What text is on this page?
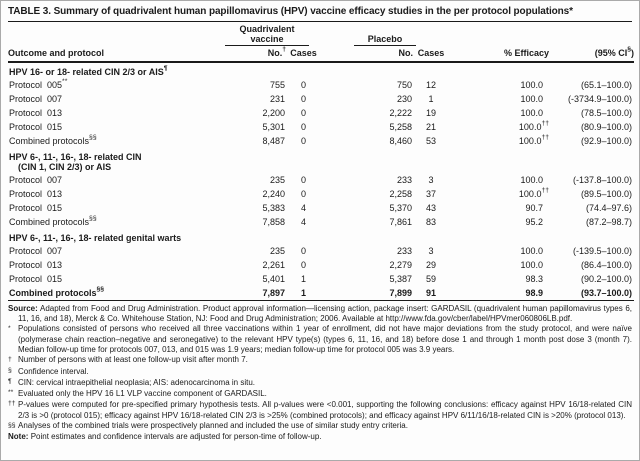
TABLE 3. Summary of quadrivalent human papillomavirus (HPV) vaccine efficacy studies in the per protocol populations*
	Quadrivalent					
	vaccine		Placebo			
Outcome and protocol	No.†	Cases	No.	Cases	% Efficacy	(95% CI§)

HPV 16- or 18- related CIN 2/3 or AIS¶

Protocol  005**	755	0	750	12	100.0	(65.1–100.0)
Protocol  007	231	0	230	1	100.0	(-3734.9–100.0)
Protocol  013	2,200	0	2,222	19	100.0	(78.5–100.0)
Protocol  015	5,301	0	5,258	21	100.0††	(80.9–100.0)
Combined protocols§§	8,487	0	8,460	53	100.0††	(92.9–100.0)

HPV 6-, 11-, 16-, 18- related CIN
(CIN 1, CIN 2/3) or AIS						

Protocol  007	235	0	233	3	100.0	(-137.8–100.0)
Protocol  013	2,240	0	2,258	37	100.0††	(89.5–100.0)
Protocol  015	5,383	4	5,370	43	90.7	(74.4–97.6)
Combined protocols§§	7,858	4	7,861	83	95.2	(87.2–98.7)

HPV 6-, 11-, 16-, 18- related genital warts						

Protocol  007	235	0	233	3	100.0	(-139.5–100.0)
Protocol  013	2,261	0	2,279	29	100.0	(86.4–100.0)
Protocol  015	5,401	1	5,387	59	98.3	(90.2–100.0)
Combined protocols§§	7,897	1	7,899	91	98.9	(93.7–100.0)
Source: Adapted from Food and Drug Administration. Product approval information—licensing action, package insert: GARDASIL (quadrivalent human papillomavirus types 6, 11, 16, and 18), Merck & Co. Whitehouse Station, NJ: Food and Drug Administration; 2006. Available at http://www.fda.gov/cber/label/HPVmer060806LB.pdf.
* Populations consisted of persons who received all three vaccinations within 1 year of enrollment, did not have major deviations from the study protocol, and were naïve (polymerase chain reaction–negative and seronegative) to the relevant HPV type(s) (types 6, 11, 16, and 18) before dose 1 and through 1 month post dose 3 (month 7). Median follow-up time for protocols 007, 013, and 015 was 1.9 years; median follow-up time for protocol 005 was 3.9 years.
† Number of persons with at least one follow-up visit after month 7.
§ Confidence interval.
¶ CIN: cervical intraepithelial neoplasia; AIS: adenocarcinoma in situ.
** Evaluated only the HPV 16 L1 VLP vaccine component of GARDASIL.
†† P-values were computed for pre-specified primary hypothesis tests. All p-values were <0.001, supporting the following conclusions: efficacy against HPV 16/18-related CIN 2/3 is >0 (protocol 015); efficacy against HPV 16/18-related CIN 2/3 is >25% (combined protocols); and efficacy against HPV 6/11/16/18-related CIN is >20% (protocol 013).
§§ Analyses of the combined trials were prospectively planned and included the use of similar study entry criteria.
Note: Point estimates and confidence intervals are adjusted for person-time of follow-up.
